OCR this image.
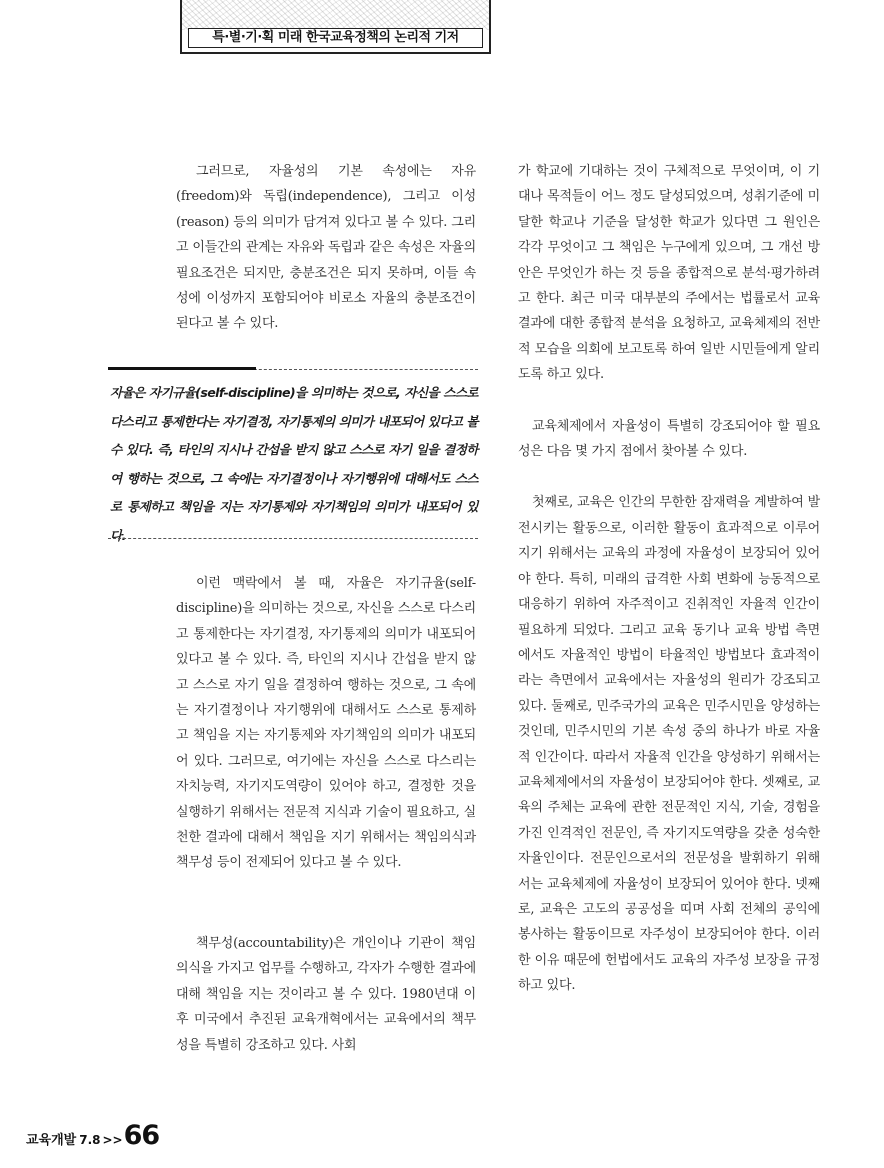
특·별·기·획 미래 한국교육정책의 논리적 기저

그러므로, 자율성의 기본 속성에는 자유(freedom)와 독립(independence), 그리고 이성(reason) 등의 의미가 담겨져 있다고 볼 수 있다. 그리고 이들간의 관계는 자유와 독립과 같은 속성은 자율의 필요조건은 되지만, 충분조건은 되지 못하며, 이들 속성에 이성까지 포함되어야 비로소 자율의 충분조건이 된다고 볼 수 있다.

자율은 자기규율(self-discipline)을 의미하는 것으로, 자신을 스스로 다스리고 통제한다는 자기결정, 자기통제의 의미가 내포되어 있다고 볼 수 있다. 즉, 타인의 지시나 간섭을 받지 않고 스스로 자기 일을 결정하여 행하는 것으로, 그 속에는 자기결정이나 자기행위에 대해서도 스스로 통제하고 책임을 지는 자기통제와 자기책임의 의미가 내포되어 있다.

이런 맥락에서 볼 때, 자율은 자기규율(self-discipline)을 의미하는 것으로, 자신을 스스로 다스리고 통제한다는 자기결정, 자기통제의 의미가 내포되어 있다고 볼 수 있다. 즉, 타인의 지시나 간섭을 받지 않고 스스로 자기 일을 결정하여 행하는 것으로, 그 속에는 자기결정이나 자기행위에 대해서도 스스로 통제하고 책임을 지는 자기통제와 자기책임의 의미가 내포되어 있다. 그러므로, 여기에는 자신을 스스로 다스리는 자치능력, 자기지도역량이 있어야 하고, 결정한 것을 실행하기 위해서는 전문적 지식과 기술이 필요하고, 실천한 결과에 대해서 책임을 지기 위해서는 책임의식과 책무성 등이 전제되어 있다고 볼 수 있다.

책무성(accountability)은 개인이나 기관이 책임의식을 가지고 업무를 수행하고, 각자가 수행한 결과에 대해 책임을 지는 것이라고 볼 수 있다. 1980년대 이후 미국에서 추진된 교육개혁에서는 교육에서의 책무성을 특별히 강조하고 있다. 사회

가 학교에 기대하는 것이 구체적으로 무엇이며, 이 기대나 목적들이 어느 정도 달성되었으며, 성취기준에 미달한 학교나 기준을 달성한 학교가 있다면 그 원인은 각각 무엇이고 그 책임은 누구에게 있으며, 그 개선 방안은 무엇인가 하는 것 등을 종합적으로 분석·평가하려고 한다. 최근 미국 대부분의 주에서는 법률로서 교육결과에 대한 종합적 분석을 요청하고, 교육체제의 전반적 모습을 의회에 보고토록 하여 일반 시민들에게 알리도록 하고 있다.

교육체제에서 자율성이 특별히 강조되어야 할 필요성은 다음 몇 가지 점에서 찾아볼 수 있다.

첫째로, 교육은 인간의 무한한 잠재력을 계발하여 발전시키는 활동으로, 이러한 활동이 효과적으로 이루어지기 위해서는 교육의 과정에 자율성이 보장되어 있어야 한다. 특히, 미래의 급격한 사회 변화에 능동적으로 대응하기 위하여 자주적이고 진취적인 자율적 인간이 필요하게 되었다. 그리고 교육 동기나 교육 방법 측면에서도 자율적인 방법이 타율적인 방법보다 효과적이라는 측면에서 교육에서는 자율성의 원리가 강조되고 있다. 둘째로, 민주국가의 교육은 민주시민을 양성하는 것인데, 민주시민의 기본 속성 중의 하나가 바로 자율적 인간이다. 따라서 자율적 인간을 양성하기 위해서는 교육체제에서의 자율성이 보장되어야 한다. 셋째로, 교육의 주체는 교육에 관한 전문적인 지식, 기술, 경험을 가진 인격적인 전문인, 즉 자기지도역량을 갖춘 성숙한 자율인이다. 전문인으로서의 전문성을 발휘하기 위해서는 교육체제에 자율성이 보장되어 있어야 한다. 넷째로, 교육은 고도의 공공성을 띠며 사회 전체의 공익에 봉사하는 활동이므로 자주성이 보장되어야 한다. 이러한 이유 때문에 헌법에서도 교육의 자주성 보장을 규정하고 있다.

교육개발 7.8 >>66
